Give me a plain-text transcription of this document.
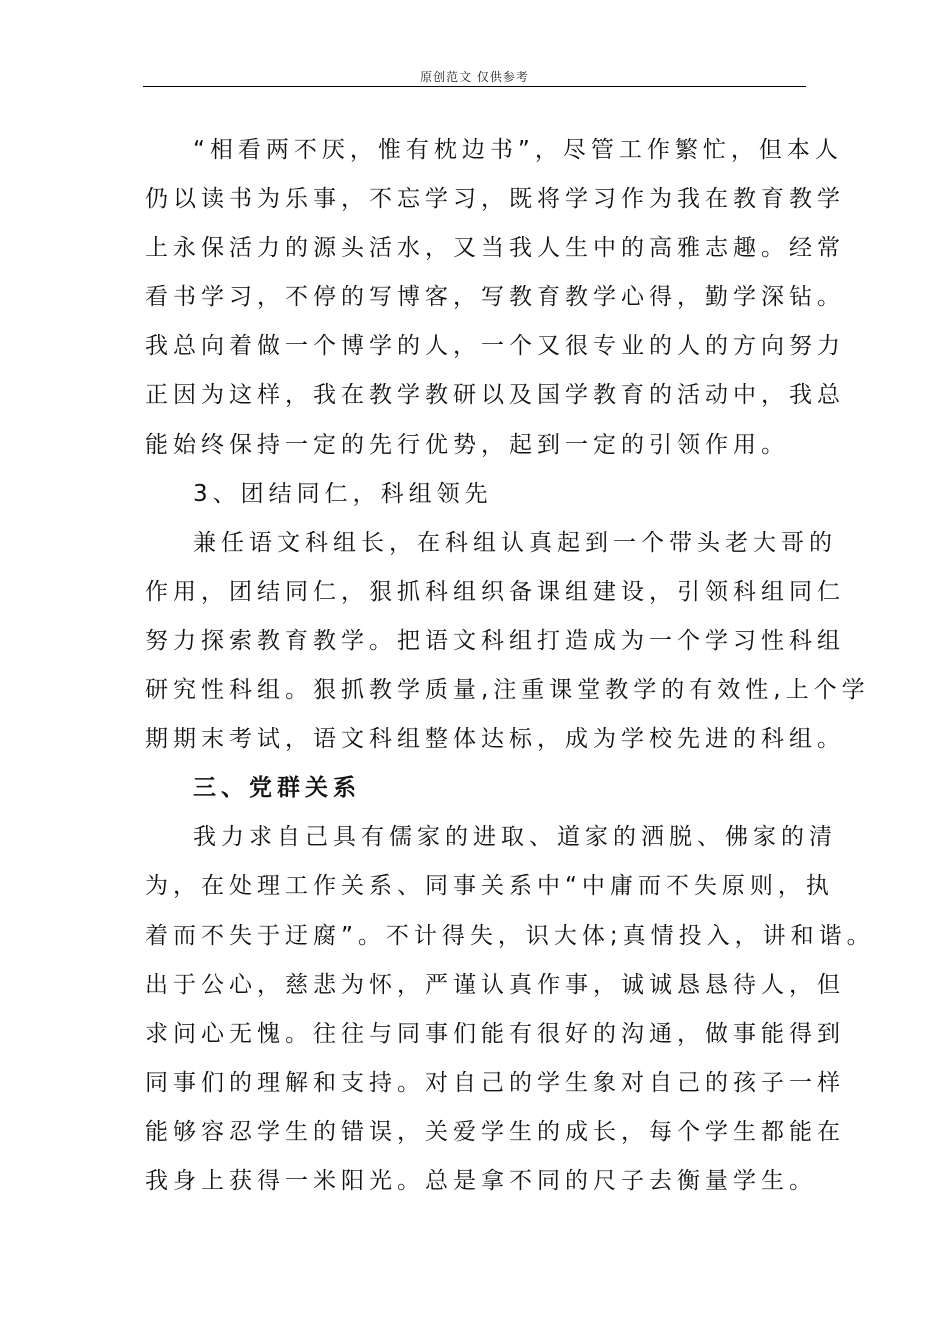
原创范文 仅供参考
“相看两不厌，惟有枕边书”，尽管工作繁忙，但本人
仍以读书为乐事，不忘学习，既将学习作为我在教育教学
上永保活力的源头活水，又当我人生中的高雅志趣。经常
看书学习，不停的写博客，写教育教学心得，勤学深钻。
我总向着做一个博学的人，一个又很专业的人的方向努力
正因为这样，我在教学教研以及国学教育的活动中，我总
能始终保持一定的先行优势，起到一定的引领作用。
3、团结同仁，科组领先
兼任语文科组长，在科组认真起到一个带头老大哥的
作用，团结同仁，狠抓科组织备课组建设，引领科组同仁
努力探索教育教学。把语文科组打造成为一个学习性科组
研究性科组。狠抓教学质量,注重课堂教学的有效性,上个学
期期末考试，语文科组整体达标，成为学校先进的科组。
三、党群关系
我力求自己具有儒家的进取、道家的洒脱、佛家的清
为，在处理工作关系、同事关系中“中庸而不失原则，执
着而不失于迂腐”。不计得失，识大体;真情投入，讲和谐。
出于公心，慈悲为怀，严谨认真作事，诚诚恳恳待人，但
求问心无愧。往往与同事们能有很好的沟通，做事能得到
同事们的理解和支持。对自己的学生象对自己的孩子一样
能够容忍学生的错误，关爱学生的成长，每个学生都能在
我身上获得一米阳光。总是拿不同的尺子去衡量学生。
